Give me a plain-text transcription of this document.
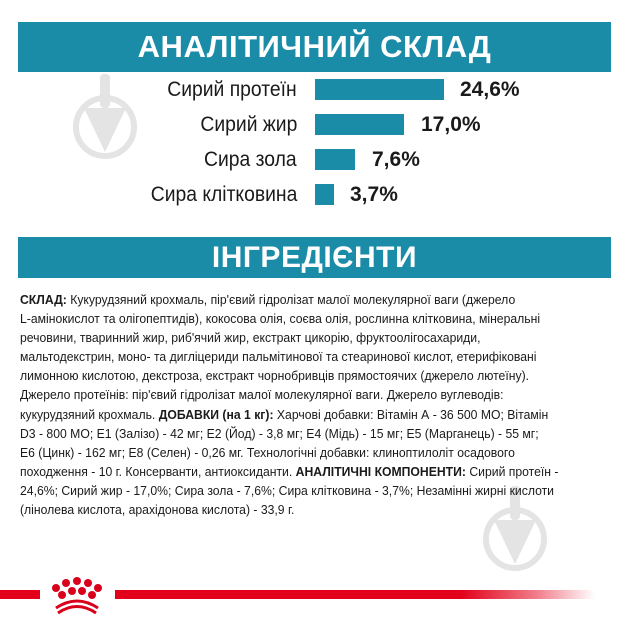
АНАЛІТИЧНИЙ СКЛАД
Сирий протеїн	24,6%
Сирий жир	17,0%
Сира зола	7,6%
Сира клітковина	3,7%
ІНГРЕДІЄНТИ
СКЛАД: Кукурудзяний крохмаль, пір'євий гідролізат малої молекулярної ваги (джерело
L-амінокислот та олігопептидів), кокосова олія, соєва олія, рослинна клітковина, мінеральні
речовини, тваринний жир, риб'ячий жир, екстракт цикорію, фруктоолігосахариди,
мальтодекстрин, моно- та дигліцериди пальмітинової та стеаринової кислот, етерифіковані
лимонною кислотою, декстроза, екстракт чорнобривців прямостоячих (джерело лютеїну).
Джерело протеїнів: пір'євий гідролізат малої молекулярної ваги. Джерело вуглеводів:
кукурудзяний крохмаль. ДОБАВКИ (на 1 кг): Харчові добавки: Вітамін А - 36 500 МО; Вітамін
D3 - 800 МО; Е1 (Залізо) - 42 мг; Е2 (Йод) - 3,8 мг; Е4 (Мідь) - 15 мг; Е5 (Марганець) - 55 мг;
Е6 (Цинк) - 162 мг; Е8 (Селен) - 0,26 мг. Технологічні добавки: клиноптилоліт осадового
походження - 10 г. Консерванти, антиоксиданти. АНАЛІТИЧНІ КОМПОНЕНТИ: Сирий протеїн -
24,6%; Сирий жир - 17,0%; Сира зола - 7,6%; Сира клітковина - 3,7%; Незамінні жирні кислоти
(лінолева кислота, арахідонова кислота) - 33,9 г.
